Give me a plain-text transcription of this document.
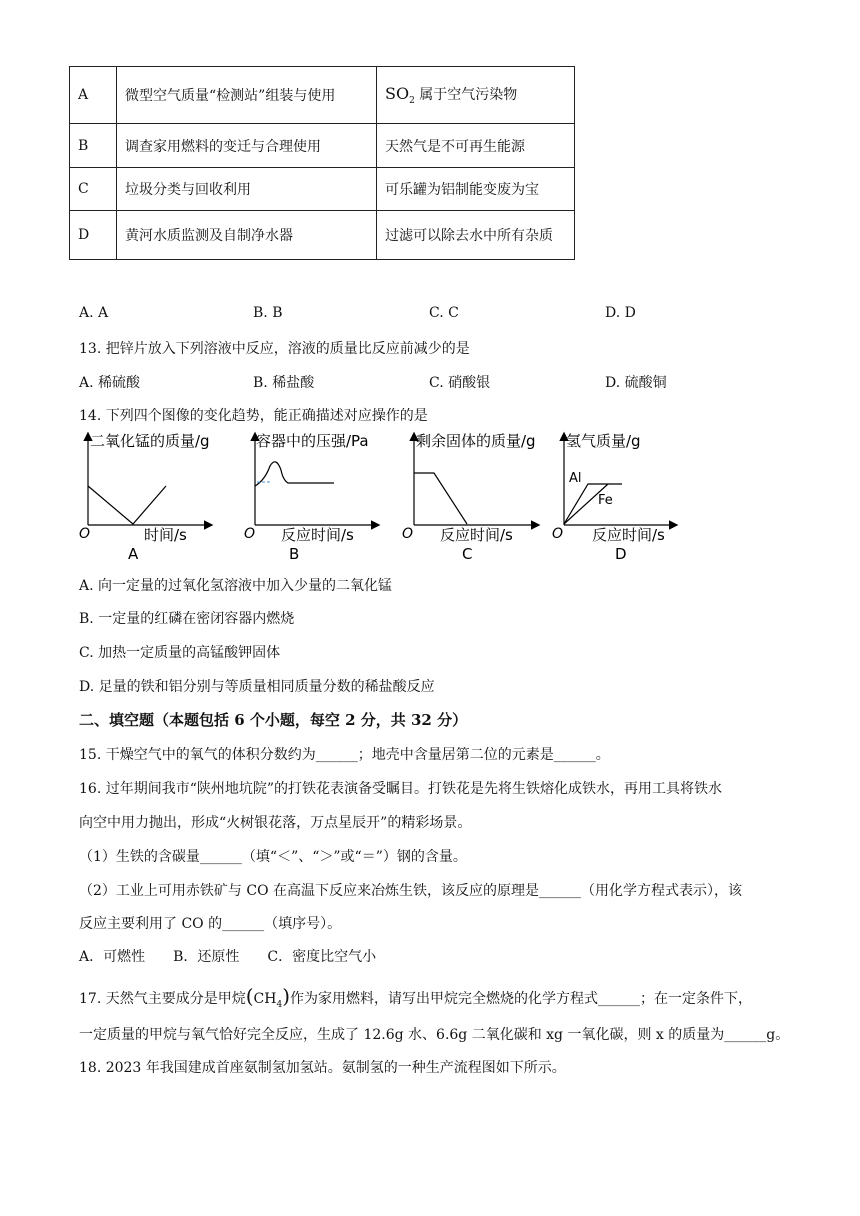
A	微型空气质量“检测站”组装与使用	$SO_2$ 属于空气污染物
B	调查家用燃料的变迁与合理使用	天然气是不可再生能源
C	垃圾分类与回收利用	可乐罐为铝制能变废为宝
D	黄河水质监测及自制净水器	过滤可以除去水中所有杂质
A. A	B. B	C. C	D. D
13. 把锌片放入下列溶液中反应，溶液的质量比反应前减少的是
A. 稀硫酸	B. 稀盐酸	C. 硝酸银	D. 硫酸铜
14. 下列四个图像的变化趋势，能正确描述对应操作的是
二氧化锰的质量/g
时间/s
O
A
容器中的压强/Pa
反应时间/s
O
B
剩余固体的质量/g
反应时间/s
O
C
氢气质量/g
Al
Fe
反应时间/s
O
D
A. 向一定量的过氧化氢溶液中加入少量的二氧化锰
B. 一定量的红磷在密闭容器内燃烧
C. 加热一定质量的高锰酸钾固体
D. 足量的铁和铝分别与等质量相同质量分数的稀盐酸反应
二、填空题（本题包括 6 个小题，每空 2 分，共 32 分）
15. 干燥空气中的氧气的体积分数约为______；地壳中含量居第二位的元素是______。
16. 过年期间我市“陕州地坑院”的打铁花表演备受瞩目。打铁花是先将生铁熔化成铁水，再用工具将铁水
向空中用力抛出，形成“火树银花落，万点星辰开”的精彩场景。
（1）生铁的含碳量______（填“＜”、“＞”或“＝”）钢的含量。
（2）工业上可用赤铁矿与 CO 在高温下反应来冶炼生铁，该反应的原理是______（用化学方程式表示），该
反应主要利用了 CO 的______（填序号）。
A．可燃性　　B．还原性　　C．密度比空气小
17. 天然气主要成分是甲烷$(CH_4)$作为家用燃料，请写出甲烷完全燃烧的化学方程式______；在一定条件下，
一定质量的甲烷与氧气恰好完全反应，生成了 12.6g 水、6.6g 二氧化碳和 xg 一氧化碳，则 x 的质量为______g。
18. 2023 年我国建成首座氨制氢加氢站。氨制氢的一种生产流程图如下所示。
